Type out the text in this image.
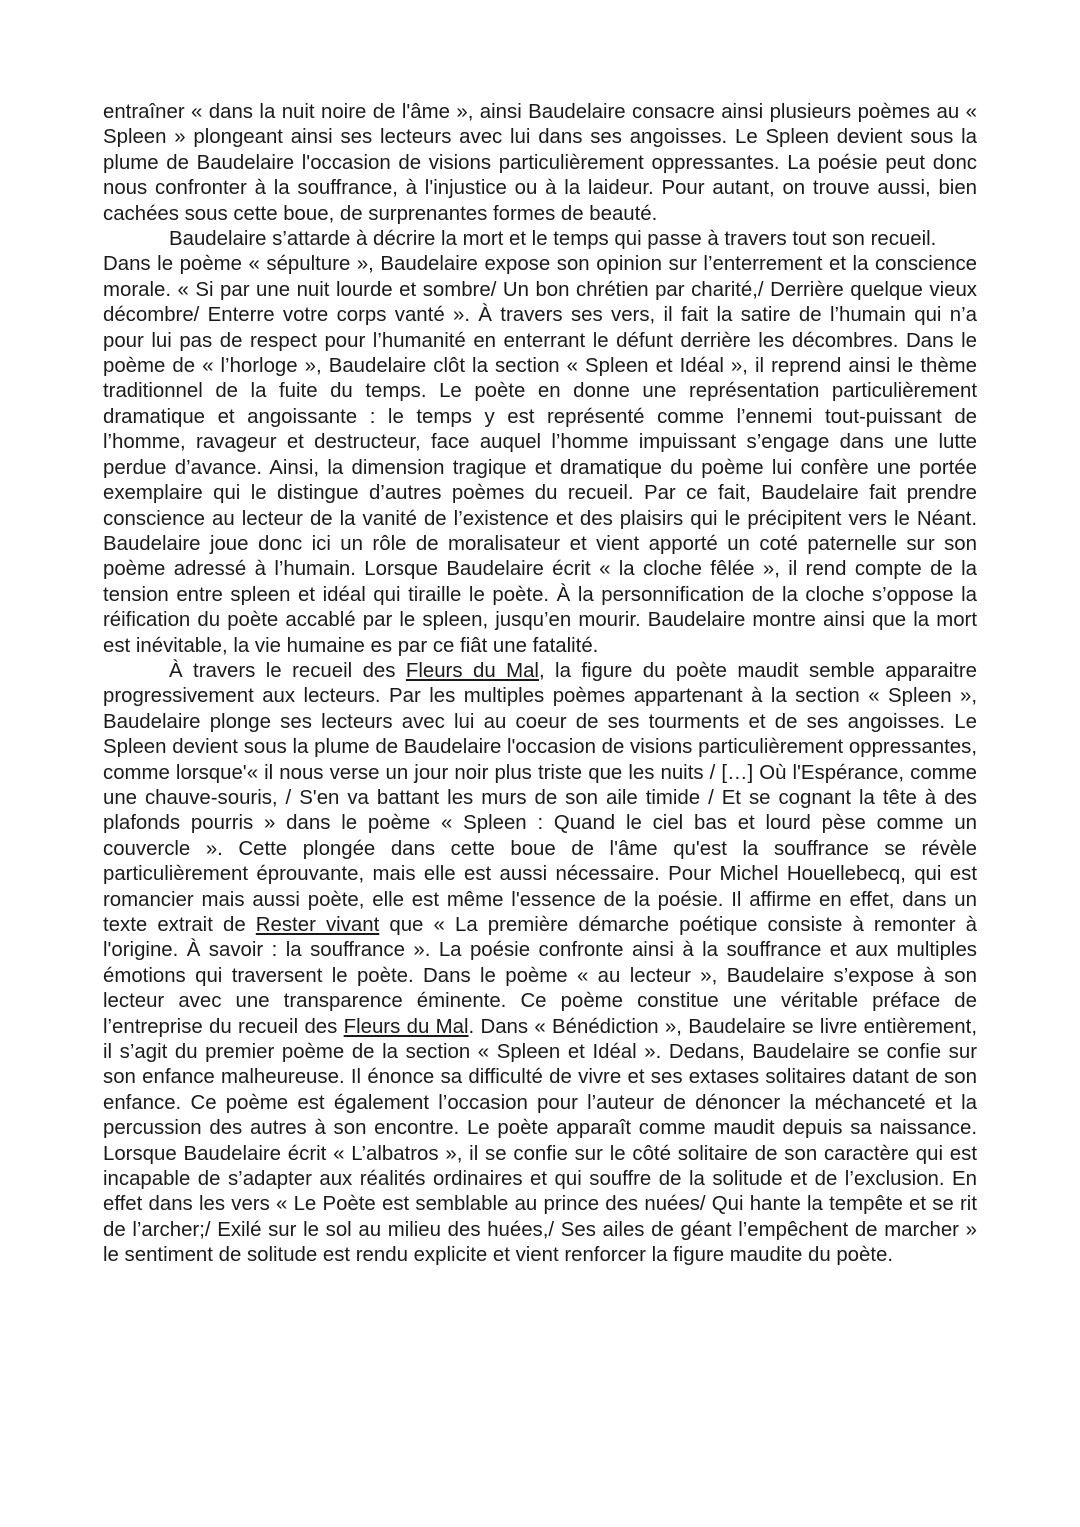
entraîner « dans la nuit noire de l'âme », ainsi Baudelaire consacre ainsi plusieurs poèmes au « Spleen » plongeant ainsi ses lecteurs avec lui dans ses angoisses. Le Spleen devient sous la plume de Baudelaire l'occasion de visions particulièrement oppressantes. La poésie peut donc nous confronter à la souffrance, à l'injustice ou à la laideur. Pour autant, on trouve aussi, bien cachées sous cette boue, de surprenantes formes de beauté.

Baudelaire s’attarde à décrire la mort et le temps qui passe à travers tout son recueil.

Dans le poème « sépulture », Baudelaire expose son opinion sur l’enterrement et la conscience morale. « Si par une nuit lourde et sombre/ Un bon chrétien par charité,/ Derrière quelque vieux décombre/ Enterre votre corps vanté ». À travers ses vers, il fait la satire de l’humain qui n’a pour lui pas de respect pour l’humanité en enterrant le défunt derrière les décombres. Dans le poème de « l’horloge », Baudelaire clôt la section « Spleen et Idéal », il reprend ainsi le thème traditionnel de la fuite du temps. Le poète en donne une représentation particulièrement dramatique et angoissante : le temps y est représenté comme l’ennemi tout-puissant de l’homme, ravageur et destructeur, face auquel l’homme impuissant s’engage dans une lutte perdue d’avance. Ainsi, la dimension tragique et dramatique du poème lui confère une portée exemplaire qui le distingue d’autres poèmes du recueil. Par ce fait, Baudelaire fait prendre conscience au lecteur de la vanité de l’existence et des plaisirs qui le précipitent vers le Néant. Baudelaire joue donc ici un rôle de moralisateur et vient apporté un coté paternelle sur son poème adressé à l’humain. Lorsque Baudelaire écrit « la cloche fêlée », il rend compte de la tension entre spleen et idéal qui tiraille le poète. À la personnification de la cloche s’oppose la réification du poète accablé par le spleen, jusqu’en mourir. Baudelaire montre ainsi que la mort est inévitable, la vie humaine es par ce fiât une fatalité.

À travers le recueil des Fleurs du Mal, la figure du poète maudit semble apparaitre progressivement aux lecteurs. Par les multiples poèmes appartenant à la section « Spleen », Baudelaire plonge ses lecteurs avec lui au coeur de ses tourments et de ses angoisses. Le Spleen devient sous la plume de Baudelaire l'occasion de visions particulièrement oppressantes, comme lorsque'« il nous verse un jour noir plus triste que les nuits / […] Où l'Espérance, comme une chauve-souris, / S'en va battant les murs de son aile timide / Et se cognant la tête à des plafonds pourris » dans le poème « Spleen : Quand le ciel bas et lourd pèse comme un couvercle ». Cette plongée dans cette boue de l'âme qu'est la souffrance se révèle particulièrement éprouvante, mais elle est aussi nécessaire. Pour Michel Houellebecq, qui est romancier mais aussi poète, elle est même l'essence de la poésie. Il affirme en effet, dans un texte extrait de Rester vivant que « La première démarche poétique consiste à remonter à l'origine. À savoir : la souffrance ». La poésie confronte ainsi à la souffrance et aux multiples émotions qui traversent le poète. Dans le poème « au lecteur », Baudelaire s’expose à son lecteur avec une transparence éminente. Ce poème constitue une véritable préface de l’entreprise du recueil des Fleurs du Mal. Dans « Bénédiction », Baudelaire se livre entièrement, il s’agit du premier poème de la section « Spleen et Idéal ». Dedans, Baudelaire se confie sur son enfance malheureuse. Il énonce sa difficulté de vivre et ses extases solitaires datant de son enfance. Ce poème est également l’occasion pour l’auteur de dénoncer la méchanceté et la percussion des autres à son encontre. Le poète apparaît comme maudit depuis sa naissance. Lorsque Baudelaire écrit « L’albatros », il se confie sur le côté solitaire de son caractère qui est incapable de s’adapter aux réalités ordinaires et qui souffre de la solitude et de l’exclusion. En effet dans les vers « Le Poète est semblable au prince des nuées/ Qui hante la tempête et se rit de l’archer;/ Exilé sur le sol au milieu des huées,/ Ses ailes de géant l’empêchent de marcher » le sentiment de solitude est rendu explicite et vient renforcer la figure maudite du poète.
